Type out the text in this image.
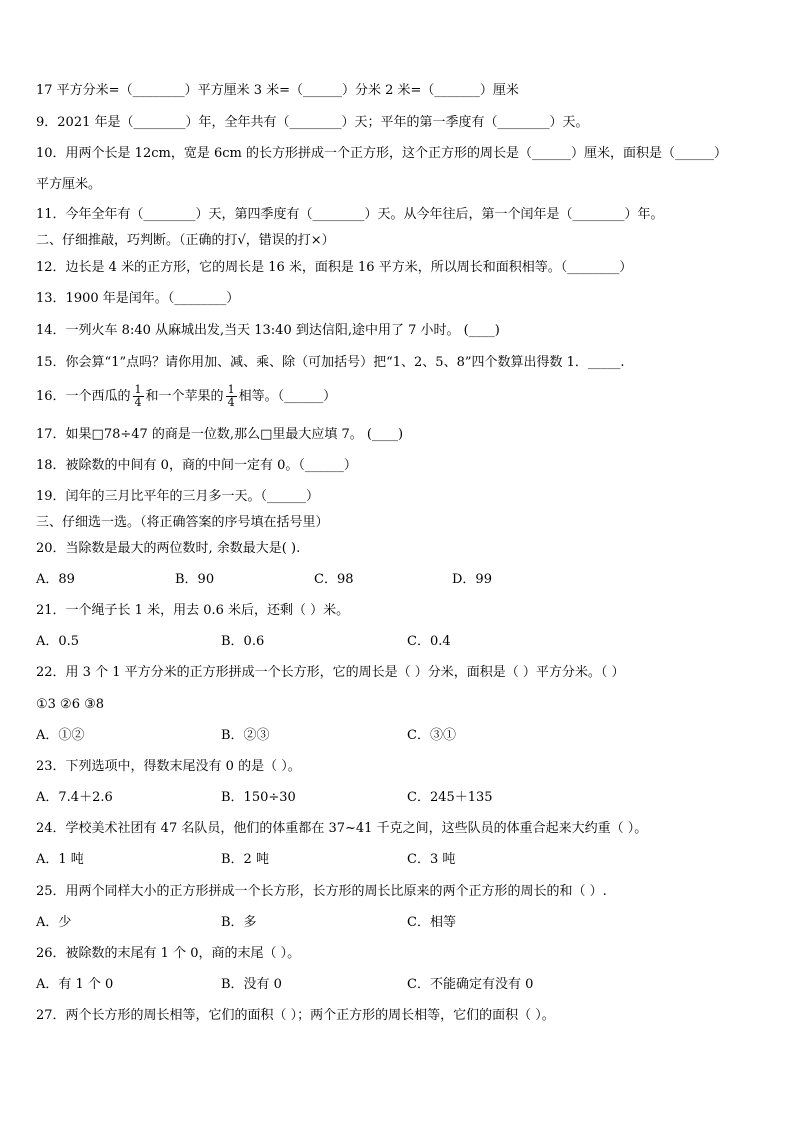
17 平方分米=（________）平方厘米 3 米=（______）分米 2 米=（_______）厘米
9．2021 年是（________）年，全年共有（________）天；平年的第一季度有（________）天。
10．用两个长是 12cm，宽是 6cm 的长方形拼成一个正方形，这个正方形的周长是（______）厘米，面积是（______）
平方厘米。
11．今年全年有（________）天，第四季度有（________）天。从今年往后，第一个闰年是（________）年。
二、仔细推敲，巧判断。（正确的打√，错误的打×）
12．边长是 4 米的正方形，它的周长是 16 米，面积是 16 平方米，所以周长和面积相等。（________）
13．1900 年是闰年。（________）
14．一列火车 8:40 从麻城出发,当天 13:40 到达信阳,途中用了 7 小时。 (____)
15．你会算“1”点吗？请你用加、减、乘、除（可加括号）把“1、2、5、8”四个数算出得数 1．_____.
16．一个西瓜的 $\frac{1}{4}$ 和一个苹果的 $\frac{1}{4}$ 相等。（______）
17．如果□78÷47 的商是一位数,那么□里最大应填 7。 (____)
18．被除数的中间有 0，商的中间一定有 0。（______）
19．闰年的三月比平年的三月多一天。（______）
三、仔细选一选。（将正确答案的序号填在括号里）
20．当除数是最大的两位数时, 余数最大是( ).
A．89	B．90	C．98	D．99
21．一个绳子长 1 米，用去 0.6 米后，还剩（ ）米。
A．0.5	B．0.6	C．0.4
22．用 3 个 1 平方分米的正方形拼成一个长方形，它的周长是（ ）分米，面积是（ ）平方分米。（ ）
①3 ②6 ③8
A．①②	B．②③	C．③①
23．下列选项中，得数末尾没有 0 的是（ ）。
A．7.4＋2.6	B．150÷30	C．245＋135
24．学校美术社团有 47 名队员，他们的体重都在 37~41 千克之间，这些队员的体重合起来大约重（ ）。
A．1 吨	B．2 吨	C．3 吨
25．用两个同样大小的正方形拼成一个长方形，长方形的周长比原来的两个正方形的周长的和（ ）.
A．少	B．多	C．相等
26．被除数的末尾有 1 个 0，商的末尾（ ）。
A．有 1 个 0	B．没有 0	C．不能确定有没有 0
27．两个长方形的周长相等，它们的面积（ ）；两个正方形的周长相等，它们的面积（ ）。
